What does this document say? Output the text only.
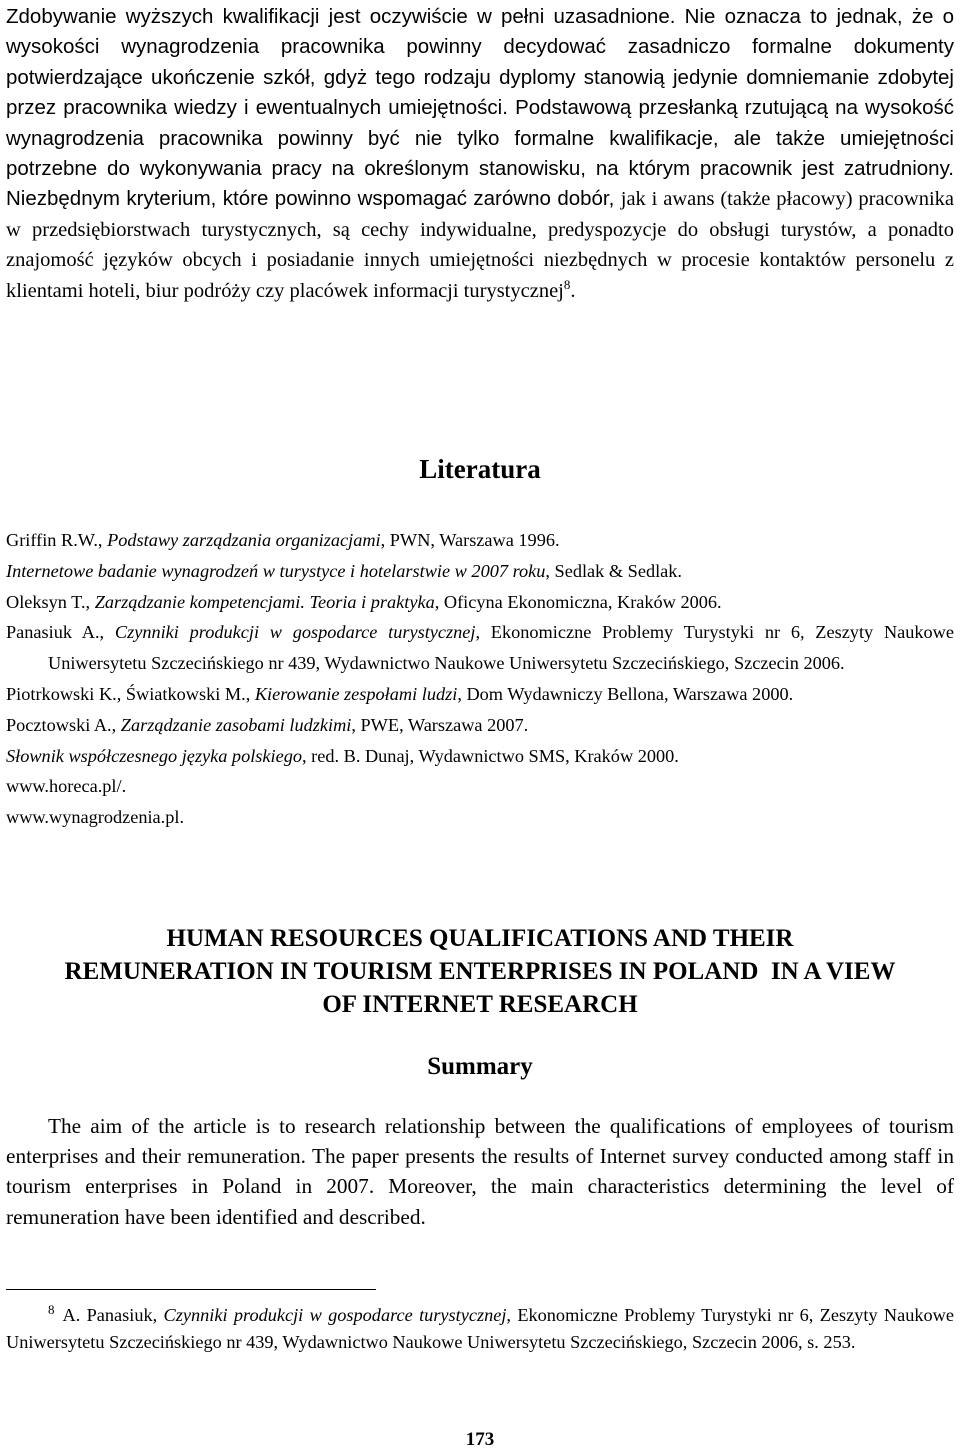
Zdobywanie wyższych kwalifikacji jest oczywiście w pełni uzasadnione. Nie oznacza to jednak, że o wysokości wynagrodzenia pracownika powinny decydować zasadniczo formalne dokumenty potwierdzające ukończenie szkół, gdyż tego rodzaju dyplomy stanowią jedynie domniemanie zdobytej przez pracownika wiedzy i ewentualnych umiejętności. Podstawową przesłanką rzutującą na wysokość wynagrodzenia pracownika powinny być nie tylko formalne kwalifikacje, ale także umiejętności potrzebne do wykonywania pracy na określonym stanowisku, na którym pracownik jest zatrudniony. Niezbędnym kryterium, które powinno wspomagać zarówno dobór, jak i awans (także płacowy) pracownika w przedsiębiorstwach turystycznych, są cechy indywidualne, predyspozycje do obsługi turystów, a ponadto znajomość języków obcych i posiadanie innych umiejętności niezbędnych w procesie kontaktów personelu z klientami hoteli, biur podróży czy placówek informacji turystycznej$^8$.

Literatura

Griffin R.W., Podstawy zarządzania organizacjami, PWN, Warszawa 1996.

Internetowe badanie wynagrodzeń w turystyce i hotelarstwie w 2007 roku, Sedlak & Sedlak.

Oleksyn T., Zarządzanie kompetencjami. Teoria i praktyka, Oficyna Ekonomiczna, Kraków 2006.

Panasiuk A., Czynniki produkcji w gospodarce turystycznej, Ekonomiczne Problemy Turystyki nr 6, Zeszyty Naukowe Uniwersytetu Szczecińskiego nr 439, Wydawnictwo Naukowe Uniwersytetu Szczecińskiego, Szczecin 2006.

Piotrkowski K., Światkowski M., Kierowanie zespołami ludzi, Dom Wydawniczy Bellona, Warszawa 2000.

Pocztowski A., Zarządzanie zasobami ludzkimi, PWE, Warszawa 2007.

Słownik współczesnego języka polskiego, red. B. Dunaj, Wydawnictwo SMS, Kraków 2000.

www.horeca.pl/.

www.wynagrodzenia.pl.

HUMAN RESOURCES QUALIFICATIONS AND THEIR
REMUNERATION IN TOURISM ENTERPRISES IN POLAND  IN A VIEW
OF INTERNET RESEARCH
Summary

The aim of the article is to research relationship between the qualifications of employees of tourism enterprises and their remuneration. The paper presents the results of Internet survey conducted among staff in tourism enterprises in Poland in 2007. Moreover, the main characteristics determining the level of remuneration have been identified and described.

$^8$ A. Panasiuk, Czynniki produkcji w gospodarce turystycznej, Ekonomiczne Problemy Turystyki nr 6, Zeszyty Naukowe Uniwersytetu Szczecińskiego nr 439, Wydawnictwo Naukowe Uniwersytetu Szczecińskiego, Szczecin 2006, s. 253.

173
